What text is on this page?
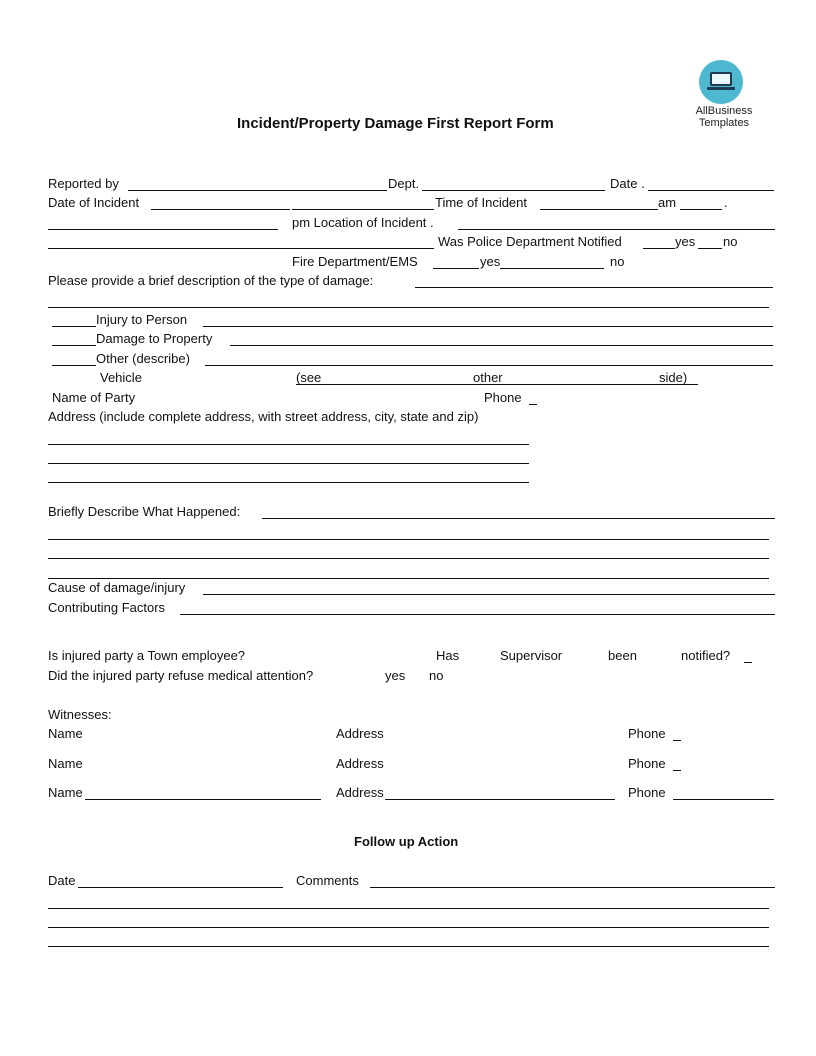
AllBusiness
Templates
Incident/Property Damage First Report Form
Reported by	Dept.	Date .
Date of Incident	Time of Incident	am	.
pm Location of Incident .
Was Police Department Notified	yes no
Fire Department/EMS	yes	no
Please provide a brief description of the type of damage:
Injury to Person
Damage to Property
Other (describe)
Vehicle	(see	other	side)
Name of Party	Phone
Address (include complete address, with street address, city, state and zip)
Briefly Describe What Happened:
Cause of damage/injury
Contributing Factors
Is injured party a Town employee?	Has	Supervisor	been	notified?
Did the injured party refuse medical attention?	yes no
Witnesses:
Name	Address	Phone
Name	Address	Phone
Name	Address	Phone
Follow up Action
Date	Comments
